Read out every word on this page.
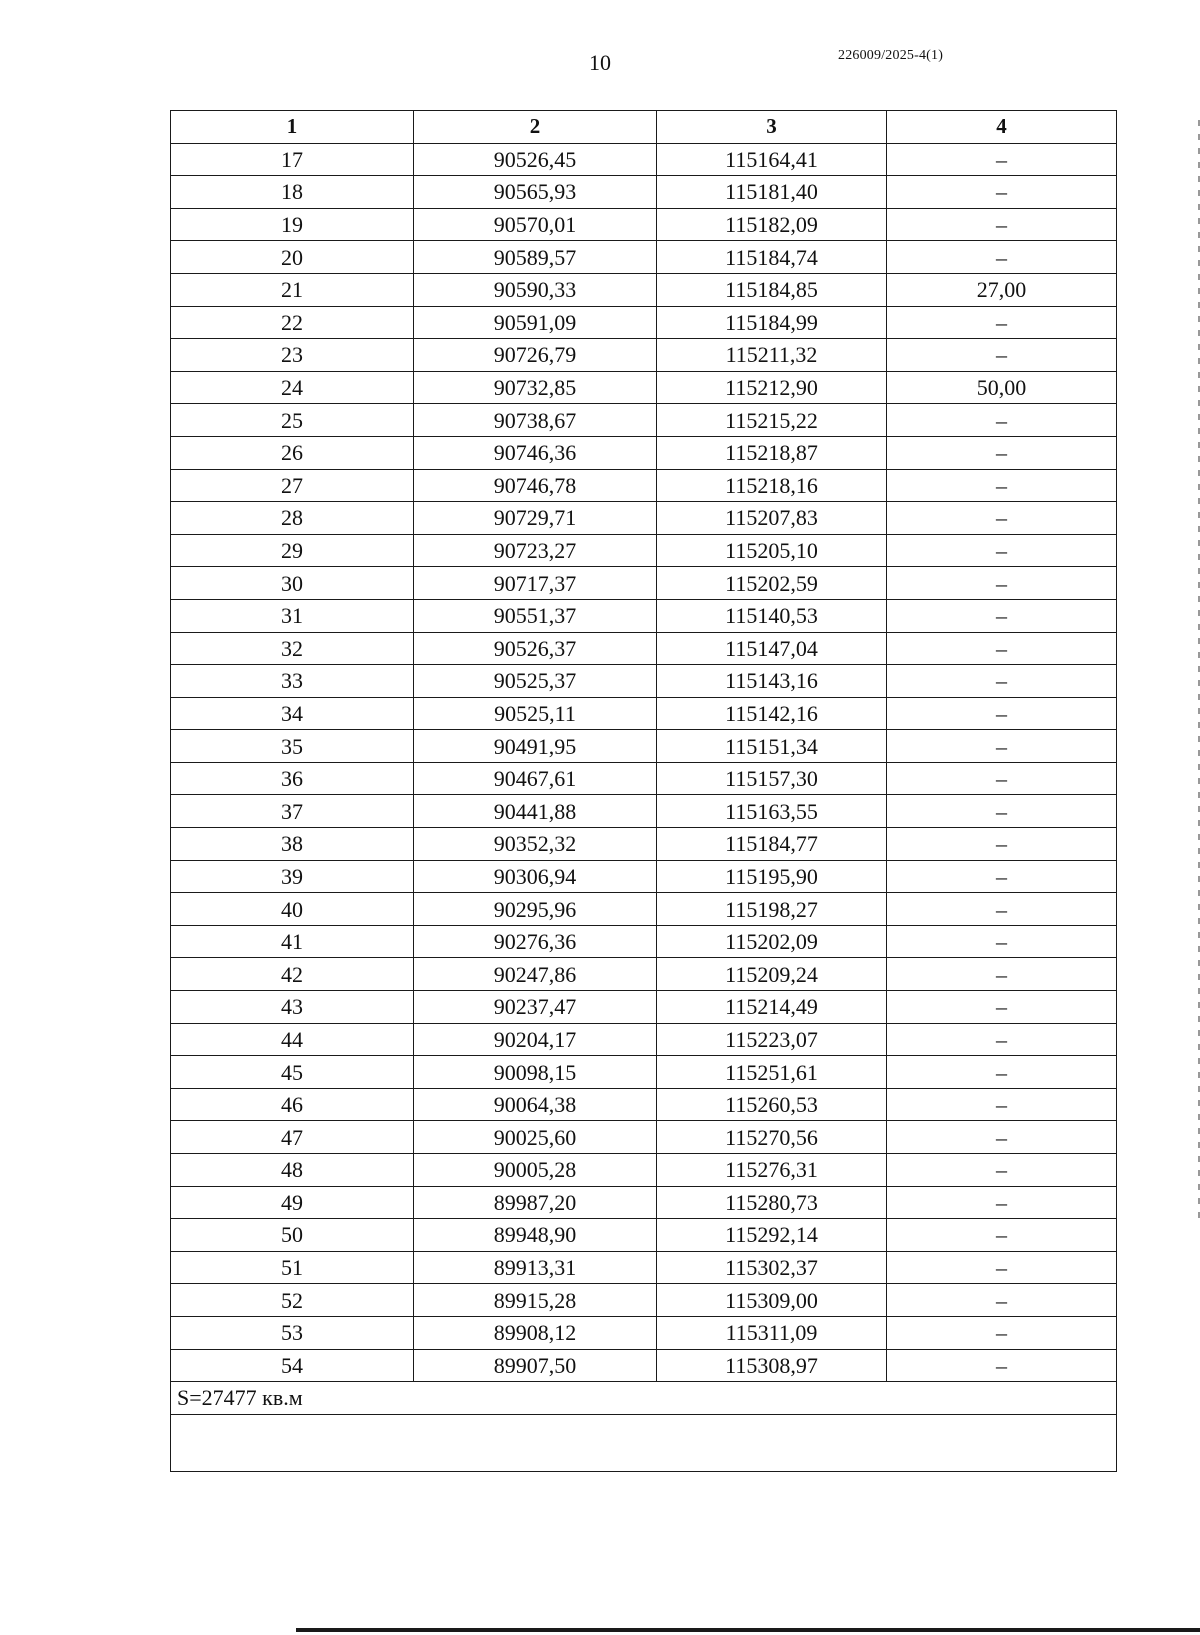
10	226009/2025-4(1)
1	2	3	4
17	90526,45	115164,41	–
18	90565,93	115181,40	–
19	90570,01	115182,09	–
20	90589,57	115184,74	–
21	90590,33	115184,85	27,00
22	90591,09	115184,99	–
23	90726,79	115211,32	–
24	90732,85	115212,90	50,00
25	90738,67	115215,22	–
26	90746,36	115218,87	–
27	90746,78	115218,16	–
28	90729,71	115207,83	–
29	90723,27	115205,10	–
30	90717,37	115202,59	–
31	90551,37	115140,53	–
32	90526,37	115147,04	–
33	90525,37	115143,16	–
34	90525,11	115142,16	–
35	90491,95	115151,34	–
36	90467,61	115157,30	–
37	90441,88	115163,55	–
38	90352,32	115184,77	–
39	90306,94	115195,90	–
40	90295,96	115198,27	–
41	90276,36	115202,09	–
42	90247,86	115209,24	–
43	90237,47	115214,49	–
44	90204,17	115223,07	–
45	90098,15	115251,61	–
46	90064,38	115260,53	–
47	90025,60	115270,56	–
48	90005,28	115276,31	–
49	89987,20	115280,73	–
50	89948,90	115292,14	–
51	89913,31	115302,37	–
52	89915,28	115309,00	–
53	89908,12	115311,09	–
54	89907,50	115308,97	–
S=27477 кв.м			
